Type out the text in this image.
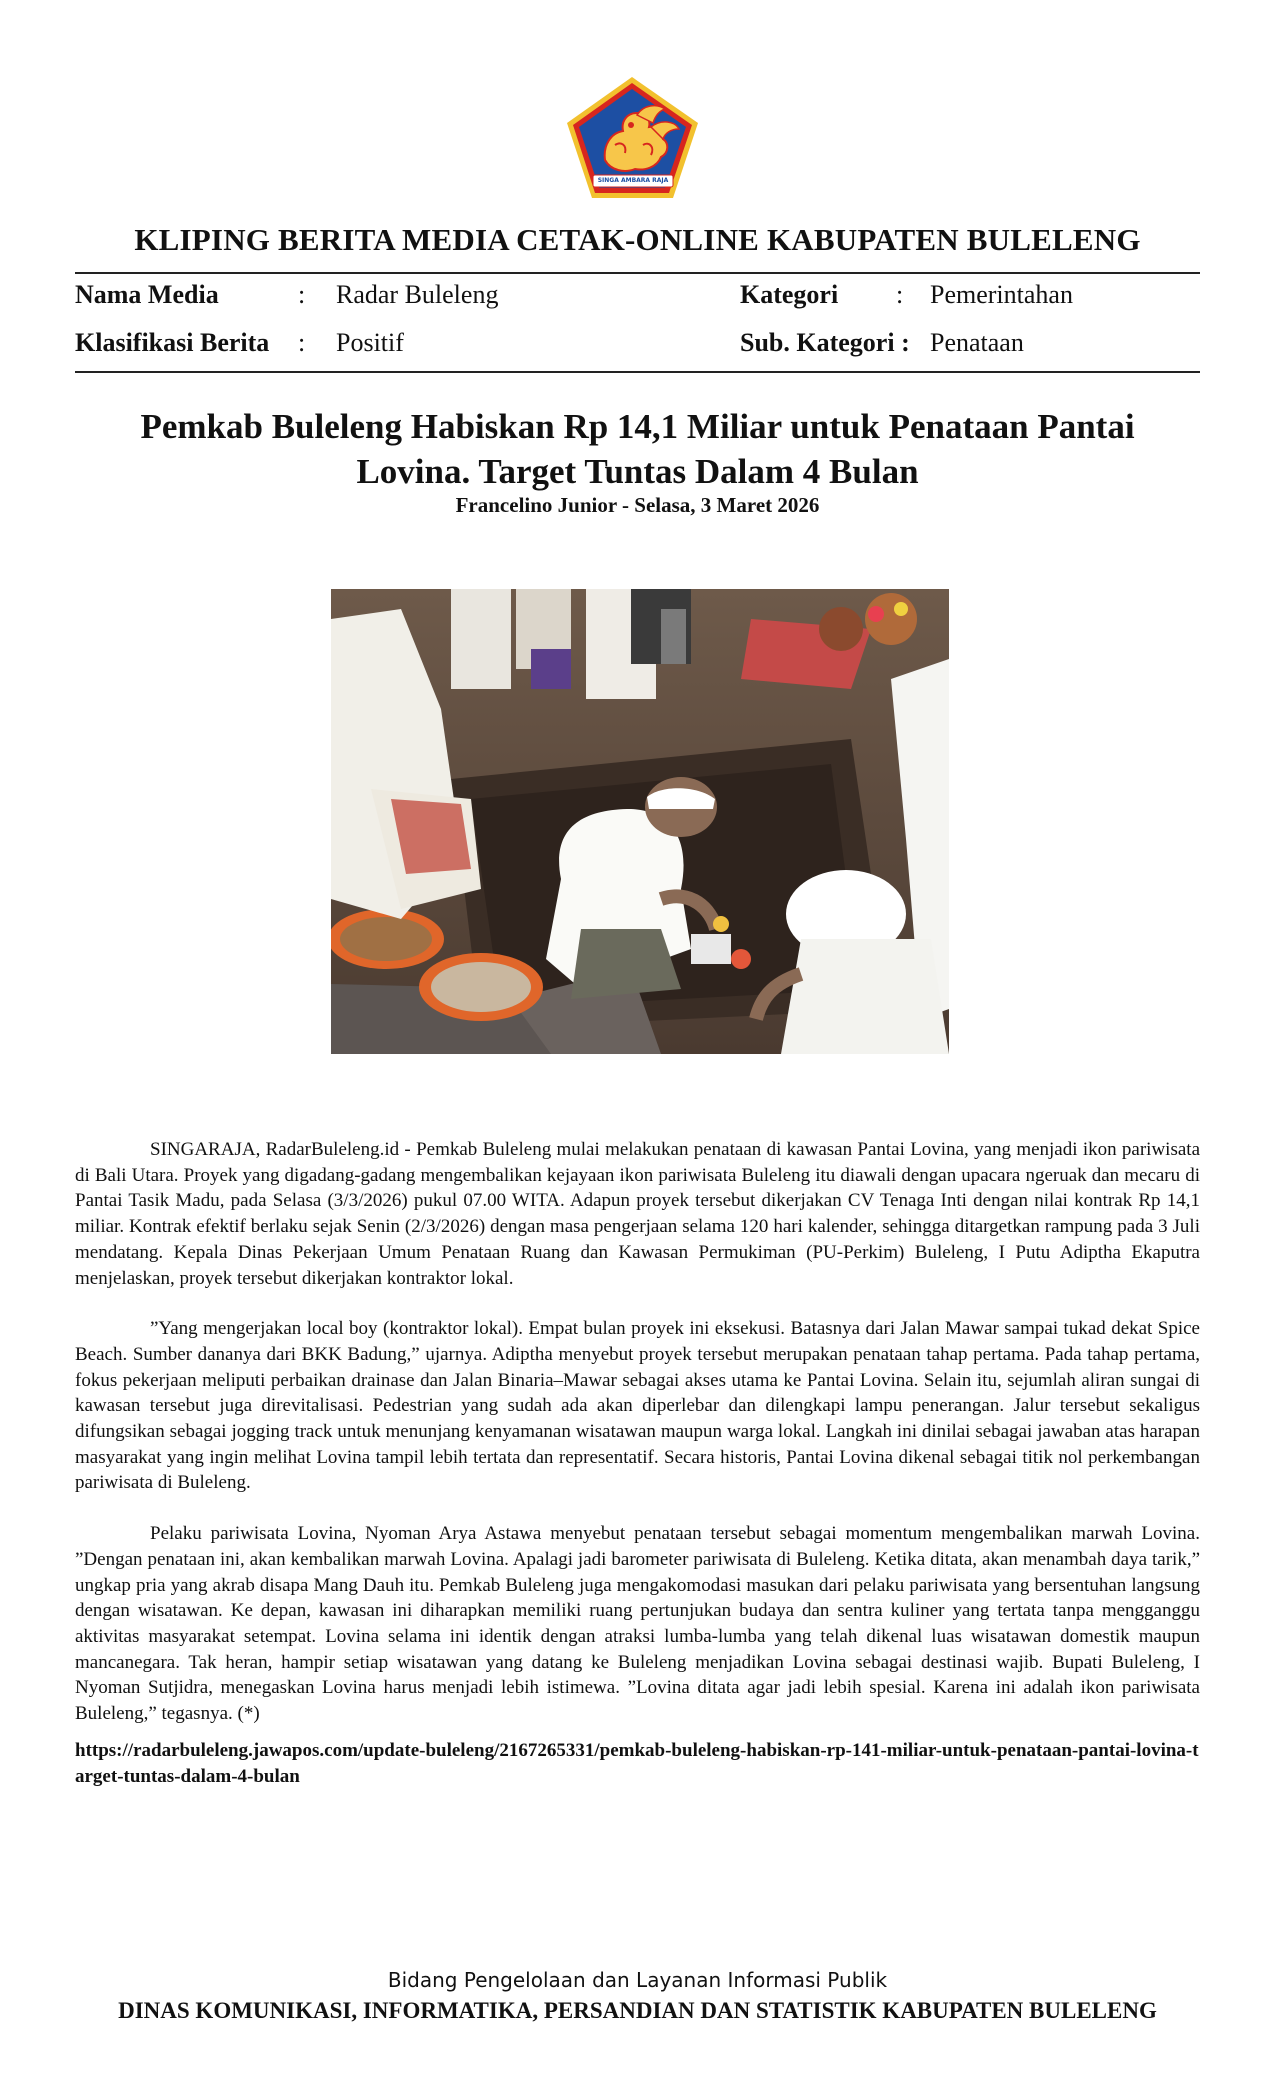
SINGA AMBARA RAJA
KLIPING BERITA MEDIA CETAK-ONLINE KABUPATEN BULELENG
Nama Media	: Radar Buleleng
Klasifikasi Berita : Positif
Kategori : Pemerintahan
Sub. Kategori : Penataan
Pemkab Buleleng Habiskan Rp 14,1 Miliar untuk Penataan Pantai Lovina. Target Tuntas Dalam 4 Bulan
Francelino Junior - Selasa, 3 Maret 2026

SINGARAJA, RadarBuleleng.id - Pemkab Buleleng mulai melakukan penataan di kawasan Pantai Lovina, yang menjadi ikon pariwisata di Bali Utara. Proyek yang digadang-gadang mengembalikan kejayaan ikon pariwisata Buleleng itu diawali dengan upacara ngeruak dan mecaru di Pantai Tasik Madu, pada Selasa (3/3/2026) pukul 07.00 WITA. Adapun proyek tersebut dikerjakan CV Tenaga Inti dengan nilai kontrak Rp 14,1 miliar. Kontrak efektif berlaku sejak Senin (2/3/2026) dengan masa pengerjaan selama 120 hari kalender, sehingga ditargetkan rampung pada 3 Juli mendatang. Kepala Dinas Pekerjaan Umum Penataan Ruang dan Kawasan Permukiman (PU-Perkim) Buleleng, I Putu Adiptha Ekaputra menjelaskan, proyek tersebut dikerjakan kontraktor lokal.

”Yang mengerjakan local boy (kontraktor lokal). Empat bulan proyek ini eksekusi. Batasnya dari Jalan Mawar sampai tukad dekat Spice Beach. Sumber dananya dari BKK Badung,” ujarnya. Adiptha menyebut proyek tersebut merupakan penataan tahap pertama. Pada tahap pertama, fokus pekerjaan meliputi perbaikan drainase dan Jalan Binaria–Mawar sebagai akses utama ke Pantai Lovina. Selain itu, sejumlah aliran sungai di kawasan tersebut juga direvitalisasi. Pedestrian yang sudah ada akan diperlebar dan dilengkapi lampu penerangan. Jalur tersebut sekaligus difungsikan sebagai jogging track untuk menunjang kenyamanan wisatawan maupun warga lokal. Langkah ini dinilai sebagai jawaban atas harapan masyarakat yang ingin melihat Lovina tampil lebih tertata dan representatif. Secara historis, Pantai Lovina dikenal sebagai titik nol perkembangan pariwisata di Buleleng.

Pelaku pariwisata Lovina, Nyoman Arya Astawa menyebut penataan tersebut sebagai momentum mengembalikan marwah Lovina. ”Dengan penataan ini, akan kembalikan marwah Lovina. Apalagi jadi barometer pariwisata di Buleleng. Ketika ditata, akan menambah daya tarik,” ungkap pria yang akrab disapa Mang Dauh itu. Pemkab Buleleng juga mengakomodasi masukan dari pelaku pariwisata yang bersentuhan langsung dengan wisatawan. Ke depan, kawasan ini diharapkan memiliki ruang pertunjukan budaya dan sentra kuliner yang tertata tanpa mengganggu aktivitas masyarakat setempat. Lovina selama ini identik dengan atraksi lumba-lumba yang telah dikenal luas wisatawan domestik maupun mancanegara. Tak heran, hampir setiap wisatawan yang datang ke Buleleng menjadikan Lovina sebagai destinasi wajib. Bupati Buleleng, I Nyoman Sutjidra, menegaskan Lovina harus menjadi lebih istimewa. ”Lovina ditata agar jadi lebih spesial. Karena ini adalah ikon pariwisata Buleleng,” tegasnya. (*)

https://radarbuleleng.jawapos.com/update-buleleng/2167265331/pemkab-buleleng-habiskan-rp-141-miliar-untuk-penataan-pantai-lovina-target-tuntas-dalam-4-bulan
Bidang Pengelolaan dan Layanan Informasi Publik
DINAS KOMUNIKASI, INFORMATIKA, PERSANDIAN DAN STATISTIK KABUPATEN BULELENG
